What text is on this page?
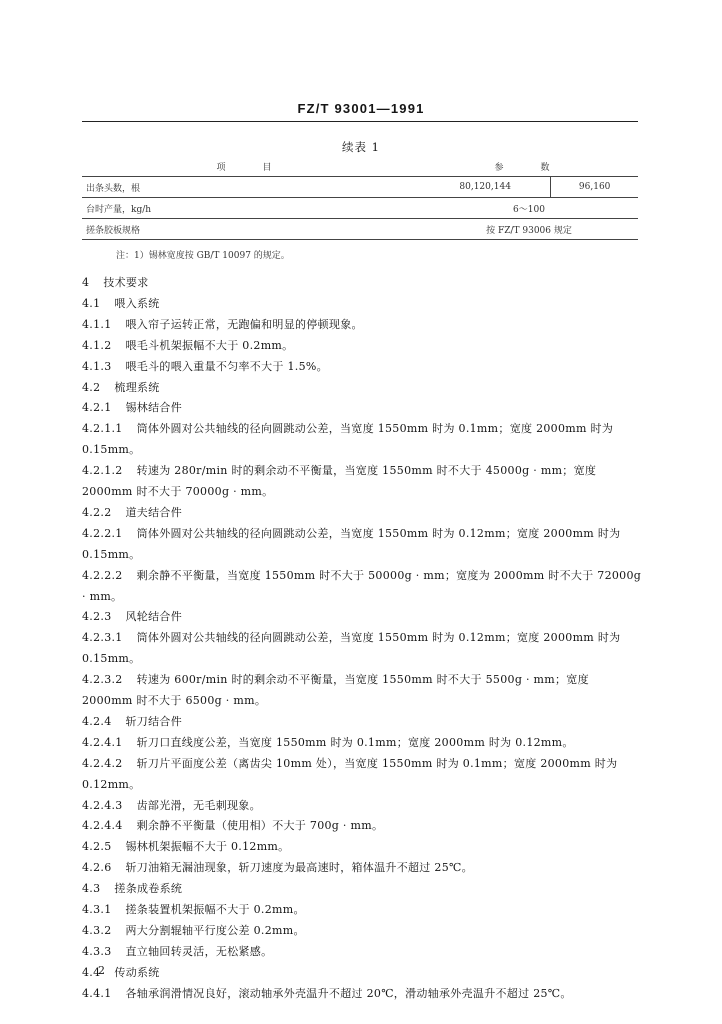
FZ/T 93001—1991
续表 1
项　目	参　数	
出条头数，根	80,120,144	96,160
台时产量，kg/h	6～100	
搓条胶板规格	按 FZ/T 93006 规定	
注：1）锡林宽度按 GB/T 10097 的规定。
4 技术要求
4.1 喂入系统
4.1.1 喂入帘子运转正常，无跑偏和明显的停顿现象。
4.1.2 喂毛斗机架振幅不大于 0.2mm。
4.1.3 喂毛斗的喂入重量不匀率不大于 1.5%。
4.2 梳理系统
4.2.1 锡林结合件
4.2.1.1 筒体外圆对公共轴线的径向圆跳动公差，当宽度 1550mm 时为 0.1mm；宽度 2000mm 时为
0.15mm。
4.2.1.2 转速为 280r/min 时的剩余动不平衡量，当宽度 1550mm 时不大于 45000g · mm；宽度
2000mm 时不大于 70000g · mm。
4.2.2 道夫结合件
4.2.2.1 筒体外圆对公共轴线的径向圆跳动公差，当宽度 1550mm 时为 0.12mm；宽度 2000mm 时为
0.15mm。
4.2.2.2 剩余静不平衡量，当宽度 1550mm 时不大于 50000g · mm；宽度为 2000mm 时不大于 72000g
· mm。
4.2.3 风轮结合件
4.2.3.1 筒体外圆对公共轴线的径向圆跳动公差，当宽度 1550mm 时为 0.12mm；宽度 2000mm 时为
0.15mm。
4.2.3.2 转速为 600r/min 时的剩余动不平衡量，当宽度 1550mm 时不大于 5500g · mm；宽度
2000mm 时不大于 6500g · mm。
4.2.4 斩刀结合件
4.2.4.1 斩刀口直线度公差，当宽度 1550mm 时为 0.1mm；宽度 2000mm 时为 0.12mm。
4.2.4.2 斩刀片平面度公差（离齿尖 10mm 处），当宽度 1550mm 时为 0.1mm；宽度 2000mm 时为
0.12mm。
4.2.4.3 齿部光滑，无毛刺现象。
4.2.4.4 剩余静不平衡量（使用相）不大于 700g · mm。
4.2.5 锡林机架振幅不大于 0.12mm。
4.2.6 斩刀油箱无漏油现象，斩刀速度为最高速时，箱体温升不超过 25℃。
4.3 搓条成卷系统
4.3.1 搓条装置机架振幅不大于 0.2mm。
4.3.2 两大分割辊轴平行度公差 0.2mm。
4.3.3 直立轴回转灵活，无松紧感。
4.4 传动系统
4.4.1 各轴承润滑情况良好，滚动轴承外壳温升不超过 20℃，滑动轴承外壳温升不超过 25℃。
2
